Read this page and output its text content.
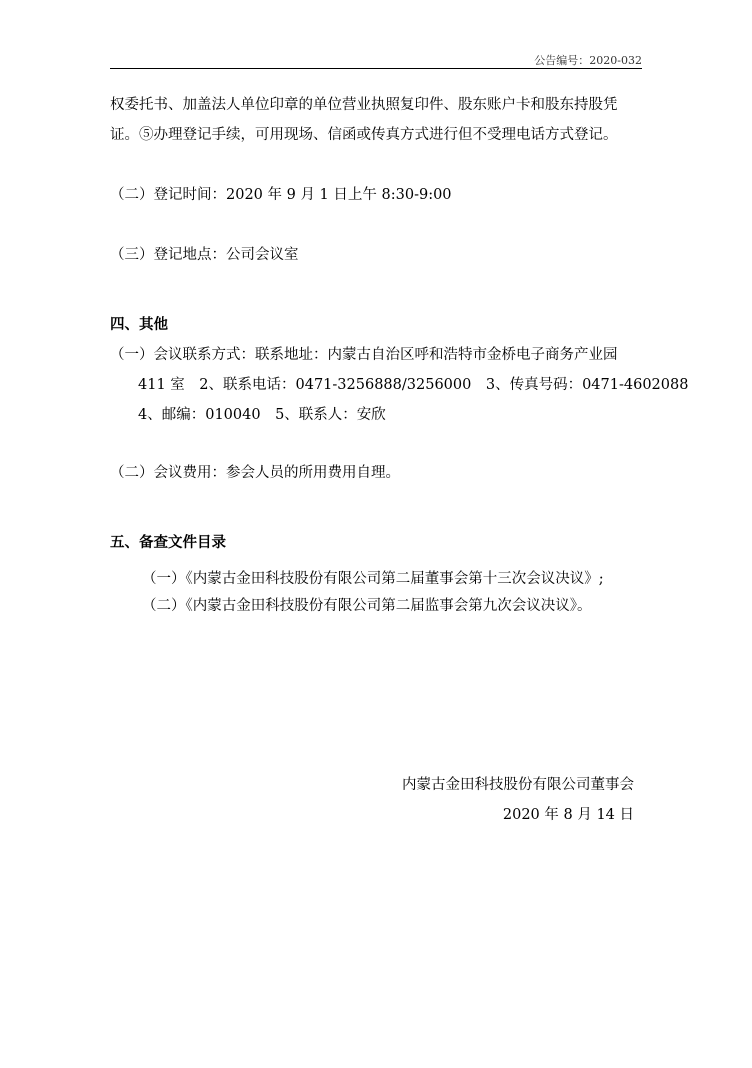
公告编号：2020-032
权委托书、加盖法人单位印章的单位营业执照复印件、股东账户卡和股东持股凭
证。⑤办理登记手续，可用现场、信函或传真方式进行但不受理电话方式登记。
（二）登记时间：2020 年 9 月 1 日上午 8:30-9:00
（三）登记地点：公司会议室
四、其他
（一）会议联系方式：联系地址：内蒙古自治区呼和浩特市金桥电子商务产业园
411 室　2、联系电话：0471-3256888/3256000　3、传真号码：0471-4602088
4、邮编：010040　5、联系人：安欣
（二）会议费用：参会人员的所用费用自理。
五、备查文件目录
（一）《内蒙古金田科技股份有限公司第二届董事会第十三次会议决议》;
（二）《内蒙古金田科技股份有限公司第二届监事会第九次会议决议》。
内蒙古金田科技股份有限公司董事会
2020 年 8 月 14 日
